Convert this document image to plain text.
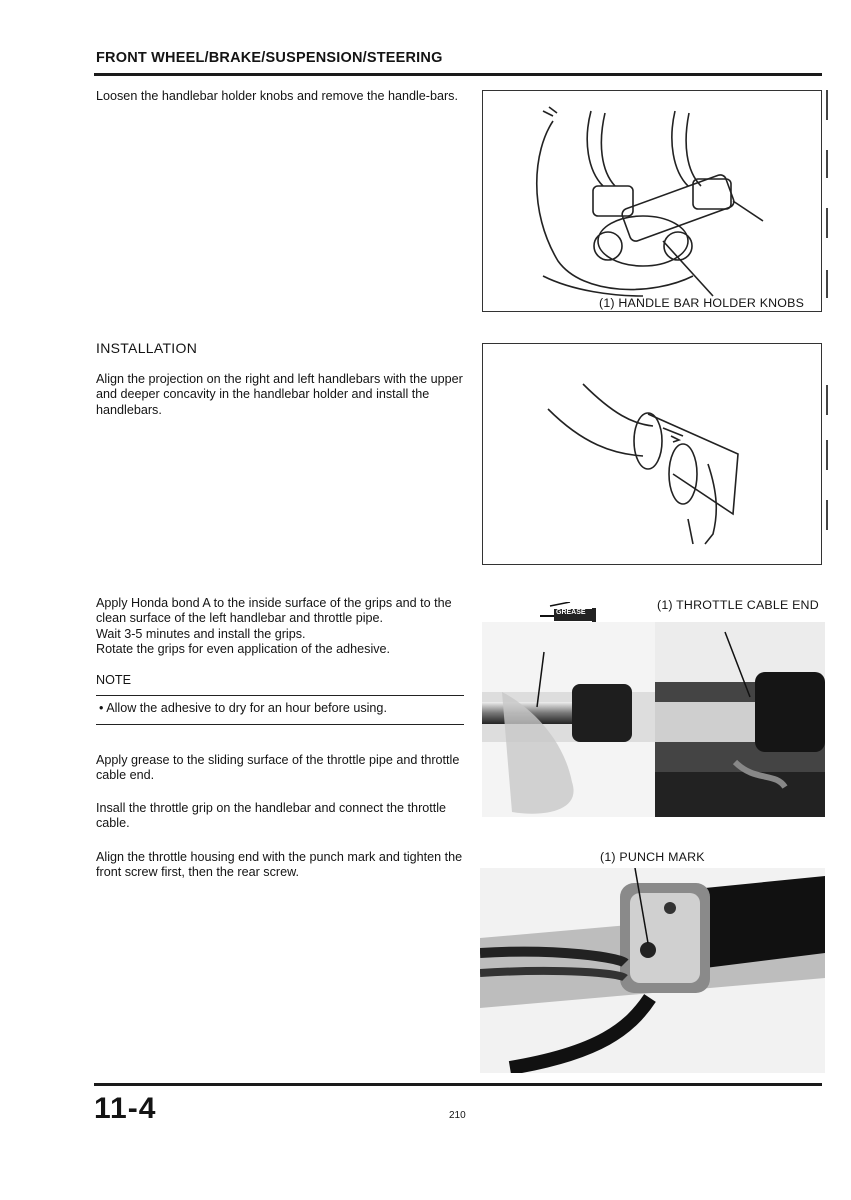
FRONT WHEEL/BRAKE/SUSPENSION/STEERING
Loosen the handlebar holder knobs and remove the handle-bars.
(1) HANDLE BAR HOLDER KNOBS
INSTALLATION
Align the projection on the right and left handlebars with the upper and deeper concavity in the handlebar holder and install the handlebars.
Apply Honda bond A to the inside surface of the grips and to the clean surface of the left handlebar and throttle pipe.
Wait 3-5 minutes and install the grips.
Rotate the grips for even application of the adhesive.
NOTE
• Allow the adhesive to dry for an hour before using.
Apply grease to the sliding surface of the throttle pipe and throttle cable end.
Insall the throttle grip on the handlebar and connect the throttle cable.
Align the throttle housing end with the punch mark and tighten the front screw first, then the rear screw.
GREASE
(1) THROTTLE CABLE END
(1) PUNCH MARK
11-4	210
